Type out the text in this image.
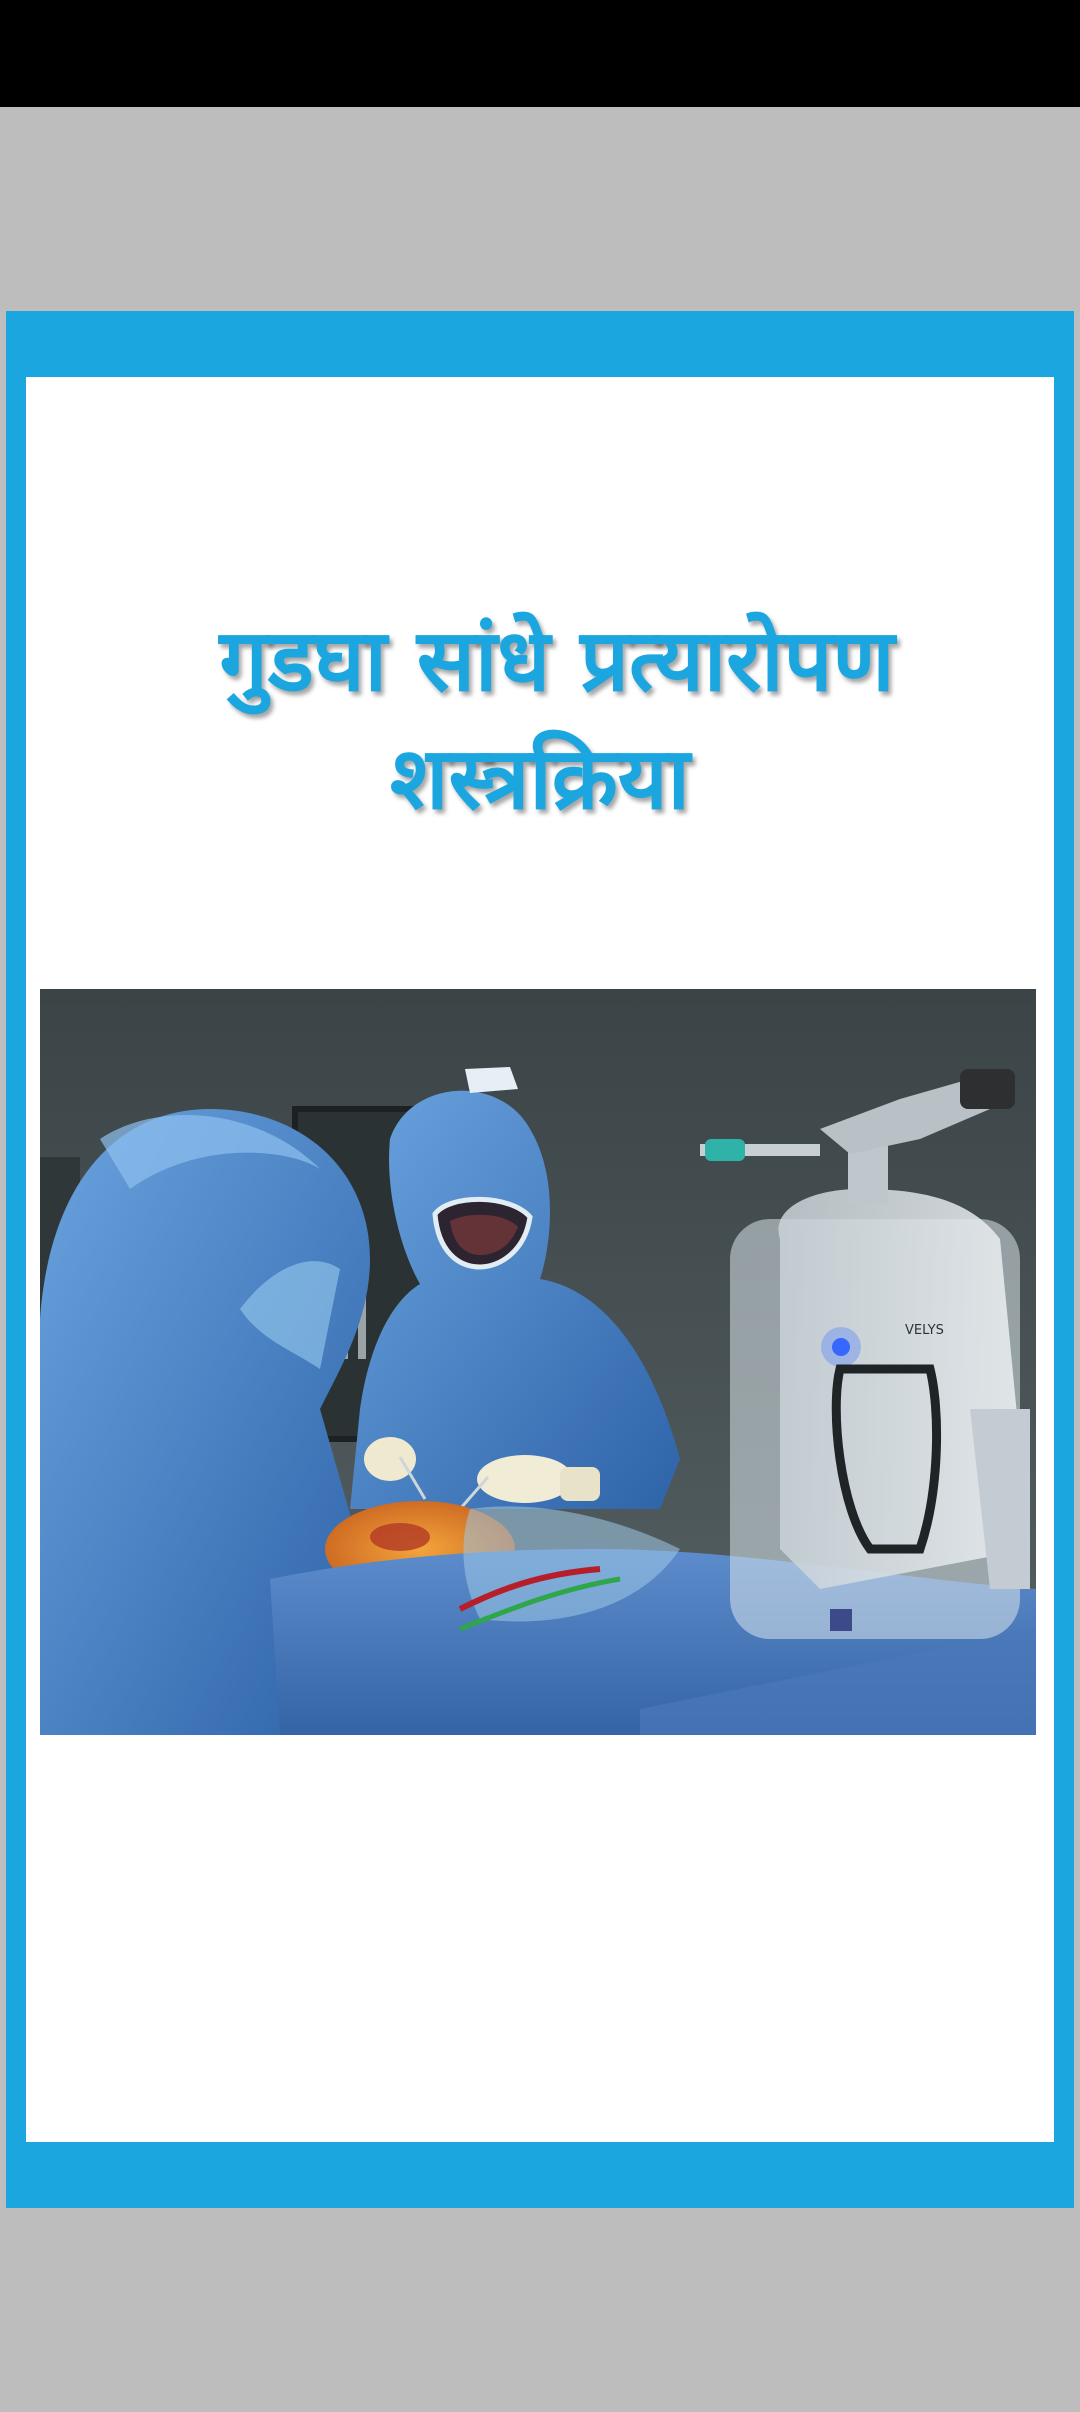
गुडघा सांधे प्रत्यारोपण
शस्त्रक्रिया
VELYS
